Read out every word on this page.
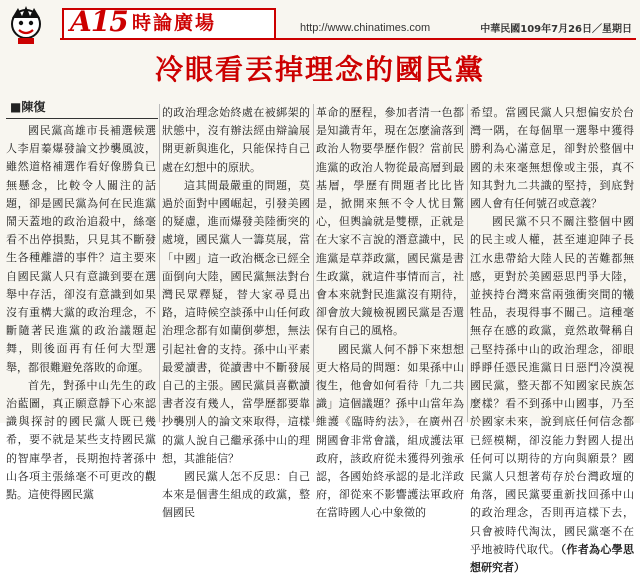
A15 時論廣場	http://www.chinatimes.com	中華民國109年7月26日／星期日
冷眼看丟掉理念的國民黨
■陳復

國民黨高雄市長補選候選人李眉蓁爆發論文抄襲風波，雖然道格補選作看好像勝負已無懸念，比較令人關注的話題，卻是國民黨為何在民進黨鬧天蓋地的政治追殺中，絲毫看不出停損點，只見其不斷發生各種離譜的事件？這主要來自國民黨人只有意識到要在選舉中存活，卻沒有意識到如果沒有重構大黨的政治理念，不斷隨著民進黨的政治議題起舞，則後面再有任何大型選舉，都很難避免落敗的命運。

首先，對孫中山先生的政治藍圖，真正願意靜下心來認識與探討的國民黨人既已幾希，要不就是某些支持國民黨的智庫學者，長期抱持著孫中山各項主張絲毫不可更改的觀點。這使得國民黨

的政治理念始終處在被綁架的狀態中，沒有辦法經由辯論展開更新與進化，只能保持自己處在幻想中的原狀。

這其間最嚴重的問題，莫過於面對中國崛起，引發美國的疑慮，進而爆發美陸衝突的處境，國民黨人一籌莫展，當「中國」這一政治概念已經全面倒向大陸，國民黨無法對台灣民眾釋疑，替大家尋覓出路，這時候空談孫中山任何政治理念都有如蘭倒夢想，無法引起社會的支持。孫中山平素最愛讀書，從讀書中不斷發展自己的主張。國民黨員喜歡讀書者沒有幾人，當學歷都要靠抄襲別人的論文來取得，這樣的黨人說自己繼承孫中山的理想，其誰能信？

國民黨人怎不反思：自己本來是個書生組成的政黨，整個國民

革命的歷程，參加者清一色都是知識青年，現在怎麼淪落到政治人物要學歷作假？當前民進黨的政治人物從最高層到最基層，學歷有問題者比比皆是，掀開來無不令人忧目驚心，但輿論就是雙標，正就是在大家不言說的潛意識中，民進黨是草莽政黨，國民黨是書生政黨，就這件事情而言，社會本來就對民進黨沒有期待，卻會放大鏡檢視國民黨是否還保有自己的風格。

國民黨人何不靜下來想想更大格局的問題：如果孫中山復生，他會如何看待「九二共識」這個議題？孫中山當年為維護《臨時約法》，在廣州召開國會非常會議，組成護法軍政府，該政府從未獲得列強承認，各國始終承認的是北洋政府，卻從來不影響護法軍政府在當時國人心中象徵的

希望。當國民黨人只想偏安於台灣一隅，在每個單一選舉中獲得勝利為心滿意足，卻對於整個中國的未來毫無想像或主張，真不知其對九二共識的堅持，到底對國人會有任何號召或意義？

國民黨不只不關注整個中國的民主或人權，甚至連迎陣子長江水患帶給大陸人民的苦難都無感，更對於美國惡思門爭大陸，並挾持台灣來當兩強衝突間的犧牲品，表現得事不關己。這種毫無存在感的政黨，竟然敢聲稱自己堅持孫中山的政治理念，卻眼睜睜任憑民進黨日日惡鬥冷漠視國民黨，整天都不知國家民族怎麼樣？看不到孫中山國事，乃至於國家未來，說到底任何信念都已經模糊，卻沒能力對國人提出任何可以期待的方向與願景？國民黨人只想著苟存於台灣政壇的角落，國民黨要重新找回孫中山的政治理念，否則再這樣下去，只會被時代淘汰，國民黨毫不在乎地被時代取代。（作者為心學思想研究者）
